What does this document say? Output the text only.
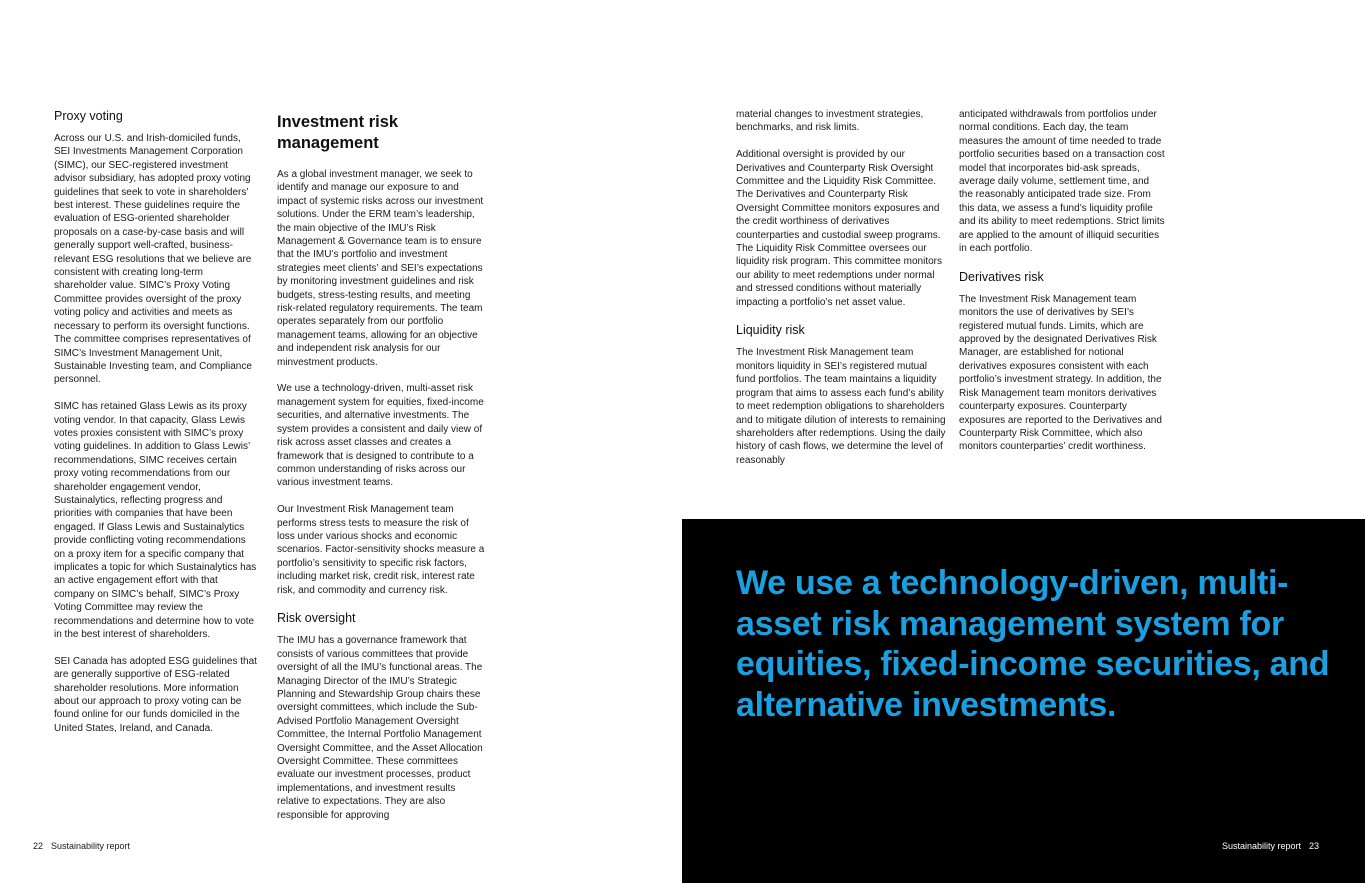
Proxy voting

Across our U.S. and Irish-domiciled funds, SEI Investments Management Corporation (SIMC), our SEC-registered investment advisor subsidiary, has adopted proxy voting guidelines that seek to vote in shareholders’ best interest. These guidelines require the evaluation of ESG-oriented shareholder proposals on a case-by-case basis and will generally support well-crafted, business-relevant ESG resolutions that we believe are consistent with creating long-term shareholder value. SIMC’s Proxy Voting Committee provides oversight of the proxy voting policy and activities and meets as necessary to perform its oversight functions. The committee comprises representatives of SIMC’s Investment Management Unit, Sustainable Investing team, and Compliance personnel.

SIMC has retained Glass Lewis as its proxy voting vendor. In that capacity, Glass Lewis votes proxies consistent with SIMC’s proxy voting guidelines. In addition to Glass Lewis’ recommendations, SIMC receives certain proxy voting recommendations from our shareholder engagement vendor, Sustainalytics, reflecting progress and priorities with companies that have been engaged. If Glass Lewis and Sustainalytics provide conflicting voting recommendations on a proxy item for a specific company that implicates a topic for which Sustainalytics has an active engagement effort with that company on SIMC’s behalf, SIMC’s Proxy Voting Committee may review the recommendations and determine how to vote in the best interest of shareholders.

SEI Canada has adopted ESG guidelines that are generally supportive of ESG-related shareholder resolutions. More information about our approach to proxy voting can be found online for our funds domiciled in the United States, Ireland, and Canada.

Investment risk management

As a global investment manager, we seek to identify and manage our exposure to and impact of systemic risks across our investment solutions. Under the ERM team’s leadership, the main objective of the IMU’s Risk Management & Governance team is to ensure that the IMU’s portfolio and investment strategies meet clients’ and SEI’s expectations by monitoring investment guidelines and risk budgets, stress-testing results, and meeting risk-related regulatory requirements. The team operates separately from our portfolio management teams, allowing for an objective and independent risk analysis for our minvestment products.

We use a technology-driven, multi-asset risk management system for equities, fixed-income securities, and alternative investments. The system provides a consistent and daily view of risk across asset classes and creates a framework that is designed to contribute to a common understanding of risks across our various investment teams.

Our Investment Risk Management team performs stress tests to measure the risk of loss under various shocks and economic scenarios. Factor-sensitivity shocks measure a portfolio’s sensitivity to specific risk factors, including market risk, credit risk, interest rate risk, and commodity and currency risk.

Risk oversight

The IMU has a governance framework that consists of various committees that provide oversight of all the IMU’s functional areas. The Managing Director of the IMU’s Strategic Planning and Stewardship Group chairs these oversight committees, which include the Sub-Advised Portfolio Management Oversight Committee, the Internal Portfolio Management Oversight Committee, and the Asset Allocation Oversight Committee. These committees evaluate our investment processes, product implementations, and investment results relative to expectations. They are also responsible for approving

material changes to investment strategies, benchmarks, and risk limits.

Additional oversight is provided by our Derivatives and Counterparty Risk Oversight Committee and the Liquidity Risk Committee. The Derivatives and Counterparty Risk Oversight Committee monitors exposures and the credit worthiness of derivatives counterparties and custodial sweep programs. The Liquidity Risk Committee oversees our liquidity risk program. This committee monitors our ability to meet redemptions under normal and stressed conditions without materially impacting a portfolio’s net asset value.

Liquidity risk

The Investment Risk Management team monitors liquidity in SEI’s registered mutual fund portfolios. The team maintains a liquidity program that aims to assess each fund’s ability to meet redemption obligations to shareholders and to mitigate dilution of interests to remaining shareholders after redemptions. Using the daily history of cash flows, we determine the level of reasonably

anticipated withdrawals from portfolios under normal conditions. Each day, the team measures the amount of time needed to trade portfolio securities based on a transaction cost model that incorporates bid-ask spreads, average daily volume, settlement time, and the reasonably anticipated trade size. From this data, we assess a fund’s liquidity profile and its ability to meet redemptions. Strict limits are applied to the amount of illiquid securities in each portfolio.

Derivatives risk

The Investment Risk Management team monitors the use of derivatives by SEI’s registered mutual funds. Limits, which are approved by the designated Derivatives Risk Manager, are established for notional derivatives exposures consistent with each portfolio’s investment strategy. In addition, the Risk Management team monitors derivatives counterparty exposures. Counterparty exposures are reported to the Derivatives and Counterparty Risk Committee, which also monitors counterparties’ credit worthiness.

We use a technology-driven, multi-asset risk management system for equities, fixed-income securities, and alternative investments.

22 Sustainability report	Sustainability report 23
